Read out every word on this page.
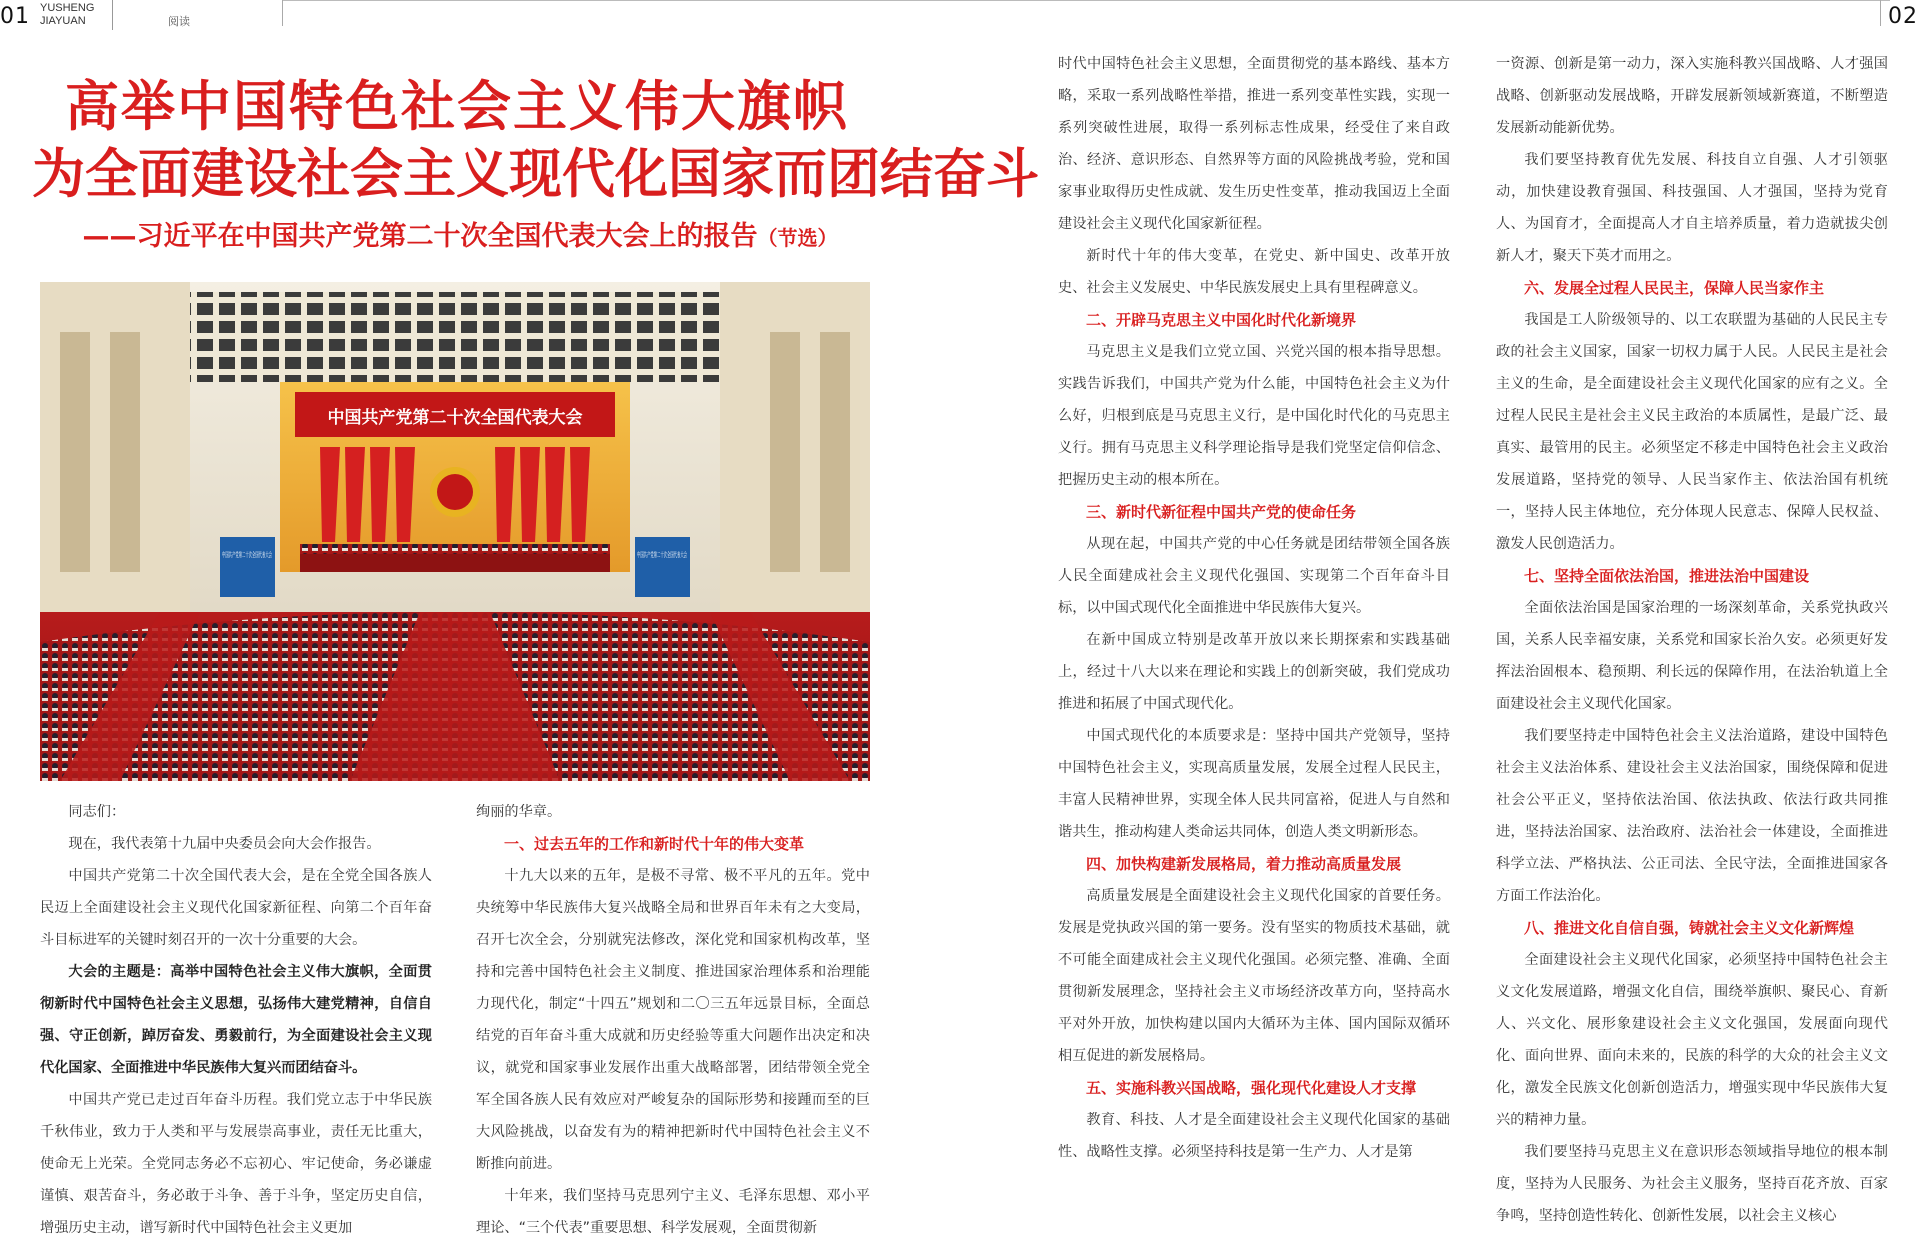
01 YUSHENG
JIAYUAN	阅读	02
高举中国特色社会主义伟大旗帜
为全面建设社会主义现代化国家而团结奋斗
——习近平在中国共产党第二十次全国代表大会上的报告（节选）
中国共产党第二十次全国代表大会

同志们：

现在，我代表第十九届中央委员会向大会作报告。

中国共产党第二十次全国代表大会，是在全党全国各族人民迈上全面建设社会主义现代化国家新征程、向第二个百年奋斗目标进军的关键时刻召开的一次十分重要的大会。

大会的主题是：高举中国特色社会主义伟大旗帜，全面贯彻新时代中国特色社会主义思想，弘扬伟大建党精神，自信自强、守正创新，踔厉奋发、勇毅前行，为全面建设社会主义现代化国家、全面推进中华民族伟大复兴而团结奋斗。

中国共产党已走过百年奋斗历程。我们党立志于中华民族千秋伟业，致力于人类和平与发展崇高事业，责任无比重大，使命无上光荣。全党同志务必不忘初心、牢记使命，务必谦虚谨慎、艰苦奋斗，务必敢于斗争、善于斗争，坚定历史自信，增强历史主动，谱写新时代中国特色社会主义更加

绚丽的华章。

一、过去五年的工作和新时代十年的伟大变革

十九大以来的五年，是极不寻常、极不平凡的五年。党中央统筹中华民族伟大复兴战略全局和世界百年未有之大变局，召开七次全会，分别就宪法修改，深化党和国家机构改革，坚持和完善中国特色社会主义制度、推进国家治理体系和治理能力现代化，制定“十四五”规划和二〇三五年远景目标，全面总结党的百年奋斗重大成就和历史经验等重大问题作出决定和决议，就党和国家事业发展作出重大战略部署，团结带领全党全军全国各族人民有效应对严峻复杂的国际形势和接踵而至的巨大风险挑战，以奋发有为的精神把新时代中国特色社会主义不断推向前进。

十年来，我们坚持马克思列宁主义、毛泽东思想、邓小平理论、“三个代表”重要思想、科学发展观，全面贯彻新

时代中国特色社会主义思想，全面贯彻党的基本路线、基本方略，采取一系列战略性举措，推进一系列变革性实践，实现一系列突破性进展，取得一系列标志性成果，经受住了来自政治、经济、意识形态、自然界等方面的风险挑战考验，党和国家事业取得历史性成就、发生历史性变革，推动我国迈上全面建设社会主义现代化国家新征程。

新时代十年的伟大变革，在党史、新中国史、改革开放史、社会主义发展史、中华民族发展史上具有里程碑意义。

二、开辟马克思主义中国化时代化新境界

马克思主义是我们立党立国、兴党兴国的根本指导思想。实践告诉我们，中国共产党为什么能，中国特色社会主义为什么好，归根到底是马克思主义行，是中国化时代化的马克思主义行。拥有马克思主义科学理论指导是我们党坚定信仰信念、把握历史主动的根本所在。

三、新时代新征程中国共产党的使命任务

从现在起，中国共产党的中心任务就是团结带领全国各族人民全面建成社会主义现代化强国、实现第二个百年奋斗目标，以中国式现代化全面推进中华民族伟大复兴。

在新中国成立特别是改革开放以来长期探索和实践基础上，经过十八大以来在理论和实践上的创新突破，我们党成功推进和拓展了中国式现代化。

中国式现代化的本质要求是：坚持中国共产党领导，坚持中国特色社会主义，实现高质量发展，发展全过程人民民主，丰富人民精神世界，实现全体人民共同富裕，促进人与自然和谐共生，推动构建人类命运共同体，创造人类文明新形态。

四、加快构建新发展格局，着力推动高质量发展

高质量发展是全面建设社会主义现代化国家的首要任务。发展是党执政兴国的第一要务。没有坚实的物质技术基础，就不可能全面建成社会主义现代化强国。必须完整、准确、全面贯彻新发展理念，坚持社会主义市场经济改革方向，坚持高水平对外开放，加快构建以国内大循环为主体、国内国际双循环相互促进的新发展格局。

五、实施科教兴国战略，强化现代化建设人才支撑

教育、科技、人才是全面建设社会主义现代化国家的基础性、战略性支撑。必须坚持科技是第一生产力、人才是第

一资源、创新是第一动力，深入实施科教兴国战略、人才强国战略、创新驱动发展战略，开辟发展新领域新赛道，不断塑造发展新动能新优势。

我们要坚持教育优先发展、科技自立自强、人才引领驱动，加快建设教育强国、科技强国、人才强国，坚持为党育人、为国育才，全面提高人才自主培养质量，着力造就拔尖创新人才，聚天下英才而用之。

六、发展全过程人民民主，保障人民当家作主

我国是工人阶级领导的、以工农联盟为基础的人民民主专政的社会主义国家，国家一切权力属于人民。人民民主是社会主义的生命，是全面建设社会主义现代化国家的应有之义。全过程人民民主是社会主义民主政治的本质属性，是最广泛、最真实、最管用的民主。必须坚定不移走中国特色社会主义政治发展道路，坚持党的领导、人民当家作主、依法治国有机统一，坚持人民主体地位，充分体现人民意志、保障人民权益、激发人民创造活力。

七、坚持全面依法治国，推进法治中国建设

全面依法治国是国家治理的一场深刻革命，关系党执政兴国，关系人民幸福安康，关系党和国家长治久安。必须更好发挥法治固根本、稳预期、利长远的保障作用，在法治轨道上全面建设社会主义现代化国家。

我们要坚持走中国特色社会主义法治道路，建设中国特色社会主义法治体系、建设社会主义法治国家，围绕保障和促进社会公平正义，坚持依法治国、依法执政、依法行政共同推进，坚持法治国家、法治政府、法治社会一体建设，全面推进科学立法、严格执法、公正司法、全民守法，全面推进国家各方面工作法治化。

八、推进文化自信自强，铸就社会主义文化新辉煌

全面建设社会主义现代化国家，必须坚持中国特色社会主义文化发展道路，增强文化自信，围绕举旗帜、聚民心、育新人、兴文化、展形象建设社会主义文化强国，发展面向现代化、面向世界、面向未来的，民族的科学的大众的社会主义文化，激发全民族文化创新创造活力，增强实现中华民族伟大复兴的精神力量。

我们要坚持马克思主义在意识形态领域指导地位的根本制度，坚持为人民服务、为社会主义服务，坚持百花齐放、百家争鸣，坚持创造性转化、创新性发展，以社会主义核心
